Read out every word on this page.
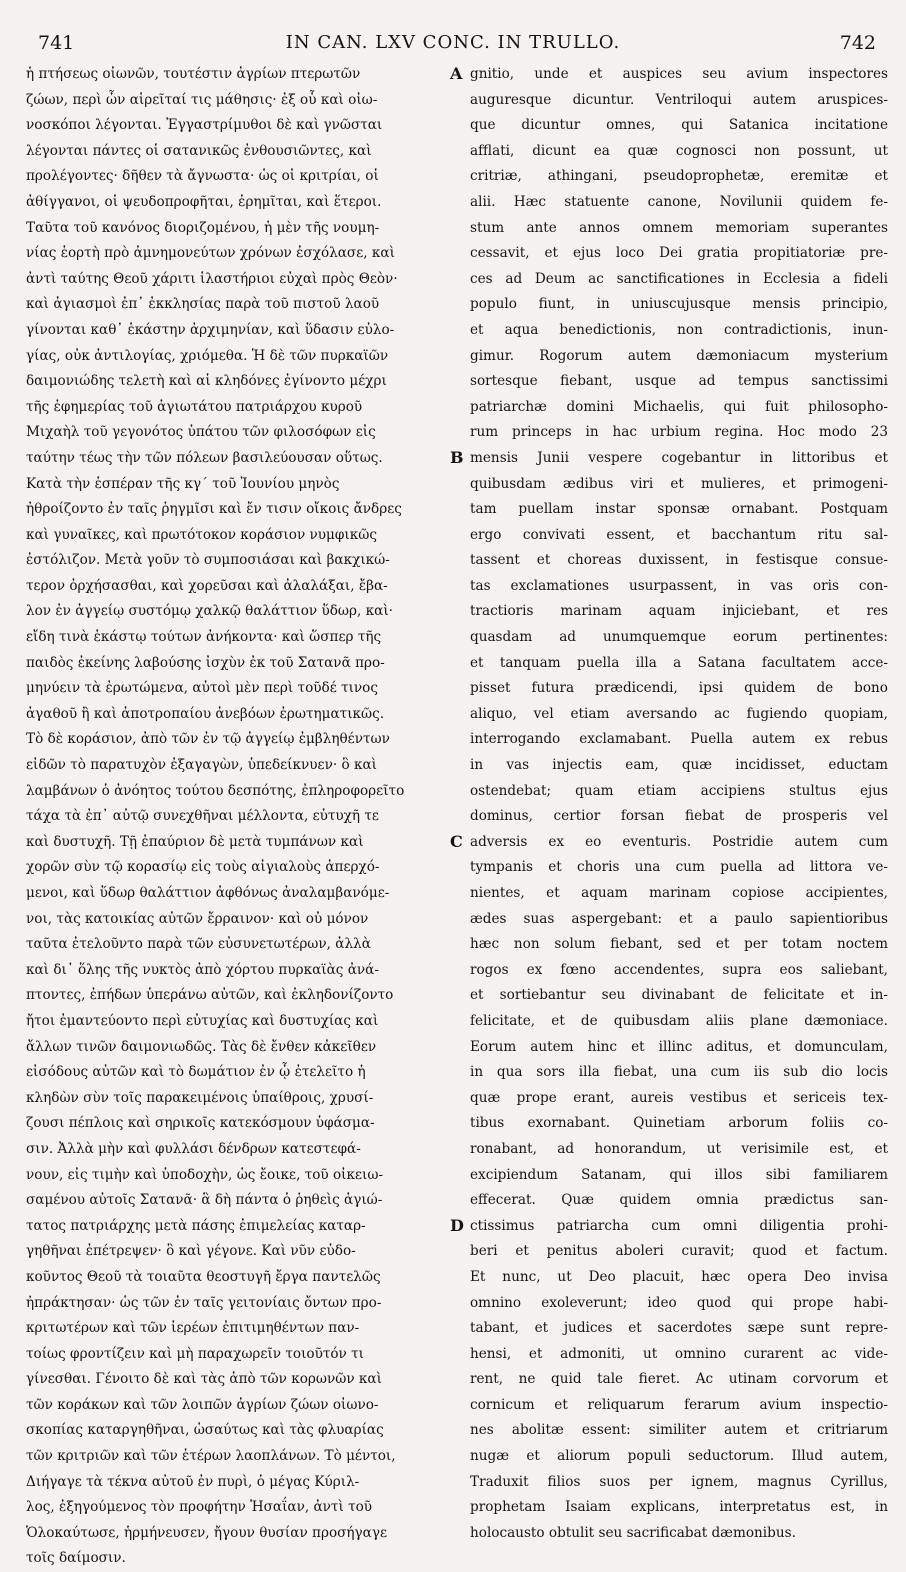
741	IN CAN. LXV CONC. IN TRULLO.	742
ἡ πτήσεως οἰωνῶν, τουτέστιν ἀγρίων πτερωτῶν
ζώων, περὶ ὧν αἱρεῖταί τις μάθησις· ἐξ οὗ καὶ οἰω-
νοσκόποι λέγονται. Ἐγγαστρίμυθοι δὲ καὶ γνῶσται
λέγονται πάντες οἱ σατανικῶς ἐνθουσιῶντες, καὶ
προλέγοντες· δῆθεν τὰ ἄγνωστα· ὡς οἱ κριτρίαι, οἱ
ἀθίγγανοι, οἱ ψευδοπροφῆται, ἐρημῖται, καὶ ἕτεροι.
Ταῦτα τοῦ κανόνος διοριζομένου, ἡ μὲν τῆς νουμη-
νίας ἑορτὴ πρὸ ἀμνημονεύτων χρόνων ἐσχόλασε, καὶ
ἀντὶ ταύτης Θεοῦ χάριτι ἱλαστήριοι εὐχαὶ πρὸς Θεὸν·
καὶ ἁγιασμοὶ ἐπ᾽ ἐκκλησίας παρὰ τοῦ πιστοῦ λαοῦ
γίνονται καθ᾽ ἑκάστην ἀρχιμηνίαν, καὶ ὕδασιν εὐλο-
γίας, οὐκ ἀντιλογίας, χριόμεθα. Ἡ δὲ τῶν πυρκαϊῶν
δαιμονιώδης τελετὴ καὶ αἱ κληδόνες ἐγίνοντο μέχρι
τῆς ἐφημερίας τοῦ ἁγιωτάτου πατριάρχου κυροῦ
Μιχαὴλ τοῦ γεγονότος ὑπάτου τῶν φιλοσόφων εἰς
ταύτην τέως τὴν τῶν πόλεων βασιλεύουσαν οὕτως.
Κατὰ τὴν ἑσπέραν τῆς κγ´ τοῦ Ἰουνίου μηνὸς
ἠθροίζοντο ἐν ταῖς ῥηγμῖσι καὶ ἔν τισιν οἴκοις ἄνδρες
καὶ γυναῖκες, καὶ πρωτότοκον κοράσιον νυμφικῶς
ἐστόλιζον. Μετὰ γοῦν τὸ συμποσιάσαι καὶ βακχικώ-
τερον ὀρχήσασθαι, καὶ χορεῦσαι καὶ ἀλαλάξαι, ἔβα-
λον ἐν ἀγγείῳ συστόμῳ χαλκῷ θαλάττιον ὕδωρ, καὶ·
εἴδη τινὰ ἑκάστῳ τούτων ἀνήκοντα· καὶ ὥσπερ τῆς
παιδὸς ἐκείνης λαβούσης ἰσχὺν ἐκ τοῦ Σατανᾶ προ-
μηνύειν τὰ ἐρωτώμενα, αὐτοὶ μὲν περὶ τοῦδέ τινος
ἀγαθοῦ ἢ καὶ ἀποτροπαίου ἀνεβόων ἐρωτηματικῶς.
Τὸ δὲ κοράσιον, ἀπὸ τῶν ἐν τῷ ἀγγείῳ ἐμβληθέντων
εἰδῶν τὸ παρατυχὸν ἐξαγαγὼν, ὑπεδείκνυεν· ὃ καὶ
λαμβάνων ὁ ἀνόητος τούτου δεσπότης, ἐπληροφορεῖτο
τάχα τὰ ἐπ᾽ αὐτῷ συνεχθῆναι μέλλοντα, εὐτυχῆ τε
καὶ δυστυχῆ. Τῇ ἐπαύριον δὲ μετὰ τυμπάνων καὶ
χορῶν σὺν τῷ κορασίῳ εἰς τοὺς αἰγιαλοὺς ἀπερχό-
μενοι, καὶ ὕδωρ θαλάττιον ἀφθόνως ἀναλαμβανόμε-
νοι, τὰς κατοικίας αὐτῶν ἔρραινον· καὶ οὐ μόνον
ταῦτα ἐτελοῦντο παρὰ τῶν εὐσυνετωτέρων, ἀλλὰ
καὶ δι᾽ ὅλης τῆς νυκτὸς ἀπὸ χόρτου πυρκαϊὰς ἀνά-
πτοντες, ἐπήδων ὑπεράνω αὐτῶν, καὶ ἐκληδονίζοντο
ἤτοι ἐμαντεύοντο περὶ εὐτυχίας καὶ δυστυχίας καὶ
ἄλλων τινῶν δαιμονιωδῶς. Τὰς δὲ ἔνθεν κἀκεῖθεν
εἰσόδους αὐτῶν καὶ τὸ δωμάτιον ἐν ᾧ ἐτελεῖτο ἡ
κληδὼν σὺν τοῖς παρακειμένοις ὑπαίθροις, χρυσί-
ζουσι πέπλοις καὶ σηρικοῖς κατεκόσμουν ὑφάσμα-
σιν. Ἀλλὰ μὴν καὶ φυλλάσι δένδρων κατεστεφά-
νουν, εἰς τιμὴν καὶ ὑποδοχὴν, ὡς ἔοικε, τοῦ οἰκειω-
σαμένου αὐτοῖς Σατανᾶ· ἃ δὴ πάντα ὁ ῥηθεὶς ἁγιώ-
τατος πατριάρχης μετὰ πάσης ἐπιμελείας καταρ-
γηθῆναι ἐπέτρεψεν· ὃ καὶ γέγονε. Καὶ νῦν εὐδο-
κοῦντος Θεοῦ τὰ τοιαῦτα θεοστυγῆ ἔργα παντελῶς
ἠπράκτησαν· ὡς τῶν ἐν ταῖς γειτονίαις ὄντων προ-
κριτωτέρων καὶ τῶν ἱερέων ἐπιτιμηθέντων παν-
τοίως φροντίζειν καὶ μὴ παραχωρεῖν τοιοῦτόν τι
γίνεσθαι. Γένοιτο δὲ καὶ τὰς ἀπὸ τῶν κορωνῶν καὶ
τῶν κοράκων καὶ τῶν λοιπῶν ἀγρίων ζώων οἰωνο-
σκοπίας καταργηθῆναι, ὡσαύτως καὶ τὰς φλυαρίας
τῶν κριτριῶν καὶ τῶν ἑτέρων λαοπλάνων. Τὸ μέντοι,
Διήγαγε τὰ τέκνα αὐτοῦ ἐν πυρὶ, ὁ μέγας Κύριλ-
λος, ἐξηγούμενος τὸν προφήτην Ἡσαΐαν, ἀντὶ τοῦ
Ὁλοκαύτωσε, ἡρμήνευσεν, ἤγουν θυσίαν προσήγαγε
τοῖς δαίμοσιν.
A
B
C
D
gnitio, unde et auspices seu avium inspectores
auguresque dicuntur. Ventriloqui autem aruspices-
que dicuntur omnes, qui Satanica incitatione
afflati, dicunt ea quæ cognosci non possunt, ut
critriæ, athingani, pseudoprophetæ, eremitæ et
alii. Hæc statuente canone, Novilunii quidem fe-
stum ante annos omnem memoriam superantes
cessavit, et ejus loco Dei gratia propitiatoriæ pre-
ces ad Deum ac sanctificationes in Ecclesia a fideli
populo fiunt, in uniuscujusque mensis principio,
et aqua benedictionis, non contradictionis, inun-
gimur. Rogorum autem dæmoniacum mysterium
sortesque fiebant, usque ad tempus sanctissimi
patriarchæ domini Michaelis, qui fuit philosopho-
rum princeps in hac urbium regina. Hoc modo 23
mensis Junii vespere cogebantur in littoribus et
quibusdam ædibus viri et mulieres, et primogeni-
tam puellam instar sponsæ ornabant. Postquam
ergo convivati essent, et bacchantum ritu sal-
tassent et choreas duxissent, in festisque consue-
tas exclamationes usurpassent, in vas oris con-
tractioris marinam aquam injiciebant, et res
quasdam ad unumquemque eorum pertinentes:
et tanquam puella illa a Satana facultatem acce-
pisset futura prædicendi, ipsi quidem de bono
aliquo, vel etiam aversando ac fugiendo quopiam,
interrogando exclamabant. Puella autem ex rebus
in vas injectis eam, quæ incidisset, eductam
ostendebat; quam etiam accipiens stultus ejus
dominus, certior forsan fiebat de prosperis vel
adversis ex eo eventuris. Postridie autem cum
tympanis et choris una cum puella ad littora ve-
nientes, et aquam marinam copiose accipientes,
ædes suas aspergebant: et a paulo sapientioribus
hæc non solum fiebant, sed et per totam noctem
rogos ex fœno accendentes, supra eos saliebant,
et sortiebantur seu divinabant de felicitate et in-
felicitate, et de quibusdam aliis plane dæmoniace.
Eorum autem hinc et illinc aditus, et domunculam,
in qua sors illa fiebat, una cum iis sub dio locis
quæ prope erant, aureis vestibus et sericeis tex-
tibus exornabant. Quinetiam arborum foliis co-
ronabant, ad honorandum, ut verisimile est, et
excipiendum Satanam, qui illos sibi familiarem
effecerat. Quæ quidem omnia prædictus san-
ctissimus patriarcha cum omni diligentia prohi-
beri et penitus aboleri curavit; quod et factum.
Et nunc, ut Deo placuit, hæc opera Deo invisa
omnino exoleverunt; ideo quod qui prope habi-
tabant, et judices et sacerdotes sæpe sunt repre-
hensi, et admoniti, ut omnino curarent ac vide-
rent, ne quid tale fieret. Ac utinam corvorum et
cornicum et reliquarum ferarum avium inspectio-
nes abolitæ essent: similiter autem et critriarum
nugæ et aliorum populi seductorum. Illud autem,
Traduxit filios suos per ignem, magnus Cyrillus,
prophetam Isaiam explicans, interpretatus est, in
holocausto obtulit seu sacrificabat dæmonibus.
